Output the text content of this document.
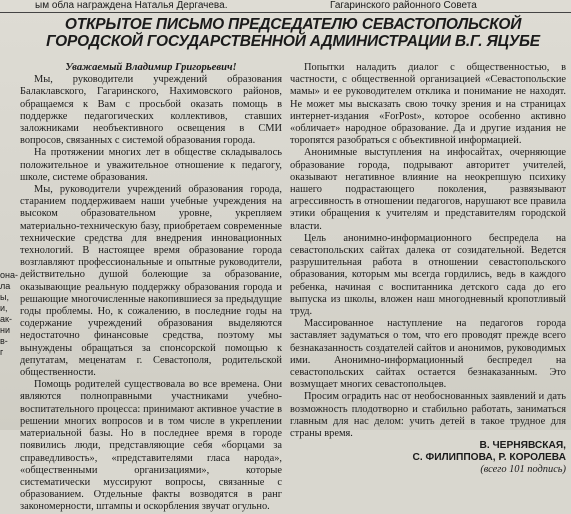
ым обла награждена Наталья Дергачева.	Гагаринского районного Совета
она-
ла
ы,
и,
ак-
ни
в-
г
ОТКРЫТОЕ ПИСЬМО ПРЕДСЕДАТЕЛЮ СЕВАСТОПОЛЬСКОЙ ГОРОДСКОЙ ГОСУДАРСТВЕННОЙ АДМИНИСТРАЦИИ В.Г. ЯЦУБЕ

Уважаемый Владимир Григорьевич!

Мы, руководители учреждений образования Балаклавского, Гагаринского, Нахимовского районов, обращаемся к Вам с просьбой оказать помощь в поддержке педагогических коллективов, ставших заложниками необъективного освещения в СМИ вопросов, связанных с системой образования города.

На протяжении многих лет в обществе складывалось положительное и уважительное отношение к педагогу, школе, системе образования.

Мы, руководители учреждений образования города, старанием поддерживаем наши учебные учреждения на высоком образовательном уровне, укрепляем материально-техническую базу, приобретаем современные технические средства для внедрения инновационных технологий. В настоящее время образование города возглавляют профессиональные и опытные руководители, действительно душой болеющие за образование, оказывающие реальную поддержку образования города и решающие многочисленные накопившиеся за предыдущие годы проблемы. Но, к сожалению, в последние годы на содержание учреждений образования выделяются недостаточно финансовые средства, поэтому мы вынуждены обращаться за спонсорской помощью к депутатам, меценатам г. Севастополя, родительской общественности.

Помощь родителей существовала во все времена. Они являются полноправными участниками учебно-воспитательного процесса: принимают активное участие в решении многих вопросов и в том числе в укреплении материальной базы. Но в последнее время в городе появились люди, представляющие себя «борцами за справедливость», «представителями гласа народа», «общественными организациями», которые систематически муссируют вопросы, связанные с образованием. Отдельные факты возводятся в ранг закономерности, штампы и оскорбления звучат огульно.

Попытки наладить диалог с общественностью, в частности, с общественной организацией «Севастопольские мамы» и ее руководителем отклика и понимание не находят. Не может мы высказать свою точку зрения и на страницах интернет-издания «ForPost», которое особенно активно «обличает» народное образование. Да и другие издания не торопятся разобраться с объективной информацией.

Анонимные выступления на инфосайтах, очерняющие образование города, подрывают авторитет учителей, оказывают негативное влияние на неокрепшую психику нашего подрастающего поколения, развязывают агрессивность в отношении педагогов, нарушают все правила этики обращения к учителям и представителям городской власти.

Цель анонимно-информационного беспредела на севастопольских сайтах далека от созидательной. Ведется разрушительная работа в отношении севастопольского образования, которым мы всегда гордились, ведь в каждого ребенка, начиная с воспитанника детского сада до его выпуска из школы, вложен наш многодневный кропотливый труд.

Массированное наступление на педагогов города заставляет задуматься о том, что его проводят прежде всего безнаказанность создателей сайтов и анонимов, руководимых ими. Анонимно-информационный беспредел на севастопольских сайтах остается безнаказанным. Это возмущает многих севастопольцев.

Просим оградить нас от необоснованных заявлений и дать возможность плодотворно и стабильно работать, заниматься главным для нас делом: учить детей в такое трудное для страны время.

В. ЧЕРНЯВСКАЯ,

С. ФИЛИППОВА, Р. КОРОЛЕВА

(всего 101 подпись)
